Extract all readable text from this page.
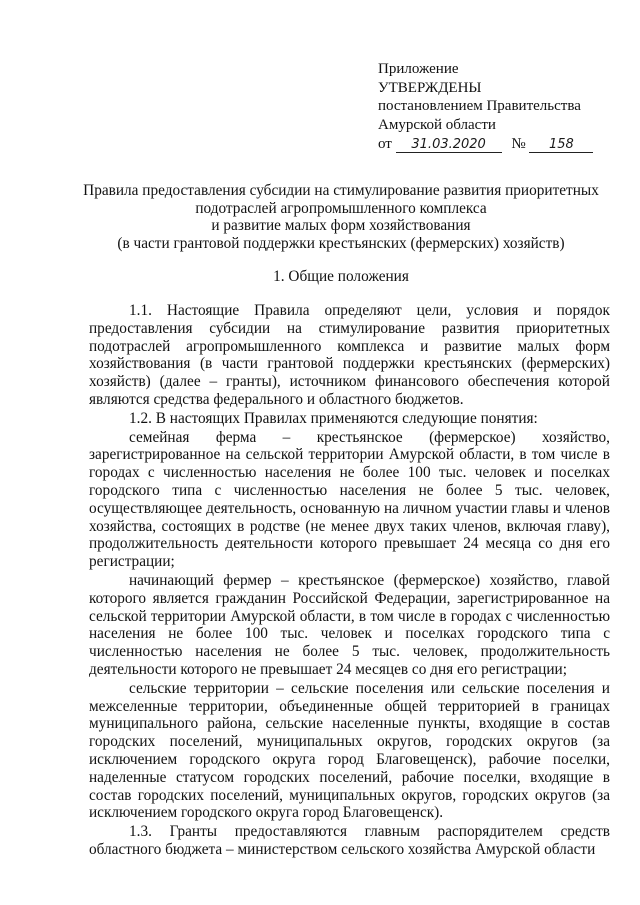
Приложение
УТВЕРЖДЕНЫ
постановлением Правительства
Амурской области
от 31.03.2020 № 158
Правила предоставления субсидии на стимулирование развития приоритетных
подотраслей агропромышленного комплекса
и развитие малых форм хозяйствования
(в части грантовой поддержки крестьянских (фермерских) хозяйств)
1. Общие положения

1.1. Настоящие Правила определяют цели, условия и порядок предоставления субсидии на стимулирование развития приоритетных подотраслей агропромышленного комплекса и развитие малых форм хозяйствования (в части грантовой поддержки крестьянских (фермерских) хозяйств) (далее – гранты), источником финансового обеспечения которой являются средства федерального и областного бюджетов.

1.2. В настоящих Правилах применяются следующие понятия:

семейная ферма – крестьянское (фермерское) хозяйство, зарегистрированное на сельской территории Амурской области, в том числе в городах с численностью населения не более 100 тыс. человек и поселках городского типа с численностью населения не более 5 тыс. человек, осуществляющее деятельность, основанную на личном участии главы и членов хозяйства, состоящих в родстве (не менее двух таких членов, включая главу), продолжительность деятельности которого превышает 24 месяца со дня его регистрации;

начинающий фермер – крестьянское (фермерское) хозяйство, главой которого является гражданин Российской Федерации, зарегистрированное на сельской территории Амурской области, в том числе в городах с численностью населения не более 100 тыс. человек и поселках городского типа с численностью населения не более 5 тыс. человек, продолжительность деятельности которого не превышает 24 месяцев со дня его регистрации;

сельские территории – сельские поселения или сельские поселения и межселенные территории, объединенные общей территорией в границах муниципального района, сельские населенные пункты, входящие в состав городских поселений, муниципальных округов, городских округов (за исключением городского округа город Благовещенск), рабочие поселки, наделенные статусом городских поселений, рабочие поселки, входящие в состав городских поселений, муниципальных округов, городских округов (за исключением городского округа город Благовещенск).

1.3. Гранты предоставляются главным распорядителем средств областного бюджета – министерством сельского хозяйства Амурской области
